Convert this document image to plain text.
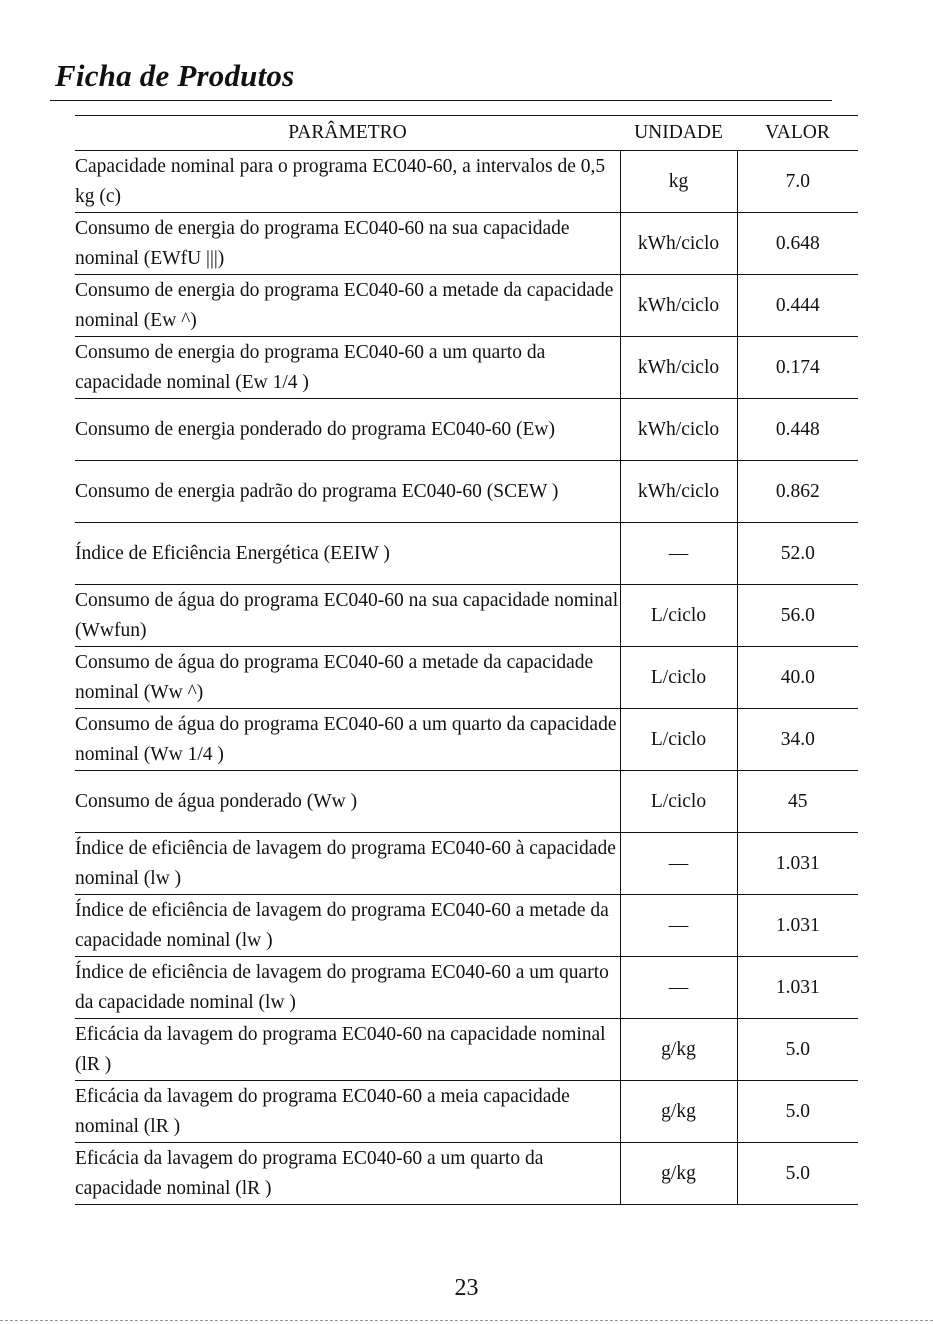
Ficha de Produtos
PARÂMETRO	UNIDADE	VALOR
Capacidade nominal para o programa EC040-60, a intervalos de 0,5 kg (c)	kg	7.0
Consumo de energia do programa EC040-60 na sua capacidade nominal (EWfU |||)	kWh/ciclo	0.648
Consumo de energia do programa EC040-60 a metade da capacidade nominal (Ew ^)	kWh/ciclo	0.444
Consumo de energia do programa EC040-60 a um quarto da capacidade nominal (Ew 1/4 )	kWh/ciclo	0.174
Consumo de energia ponderado do programa EC040-60 (Ew)	kWh/ciclo	0.448
Consumo de energia padrão do programa EC040-60 (SCEW )	kWh/ciclo	0.862
Índice de Eficiência Energética (EEIW )	—	52.0
Consumo de água do programa EC040-60 na sua capacidade nominal (Wwfun)	L/ciclo	56.0
Consumo de água do programa EC040-60 a metade da capacidade nominal (Ww ^)	L/ciclo	40.0
Consumo de água do programa EC040-60 a um quarto da capacidade nominal (Ww 1/4 )	L/ciclo	34.0
Consumo de água ponderado (Ww )	L/ciclo	45
Índice de eficiência de lavagem do programa EC040-60 à capacidade nominal (lw )	—	1.031
Índice de eficiência de lavagem do programa EC040-60 a metade da capacidade nominal (lw )	—	1.031
Índice de eficiência de lavagem do programa EC040-60 a um quarto da capacidade nominal (lw )	—	1.031
Eficácia da lavagem do programa EC040-60 na capacidade nominal (lR )	g/kg	5.0
Eficácia da lavagem do programa EC040-60 a meia capacidade nominal (lR )	g/kg	5.0
Eficácia da lavagem do programa EC040-60 a um quarto da capacidade nominal (lR )	g/kg	5.0
23
